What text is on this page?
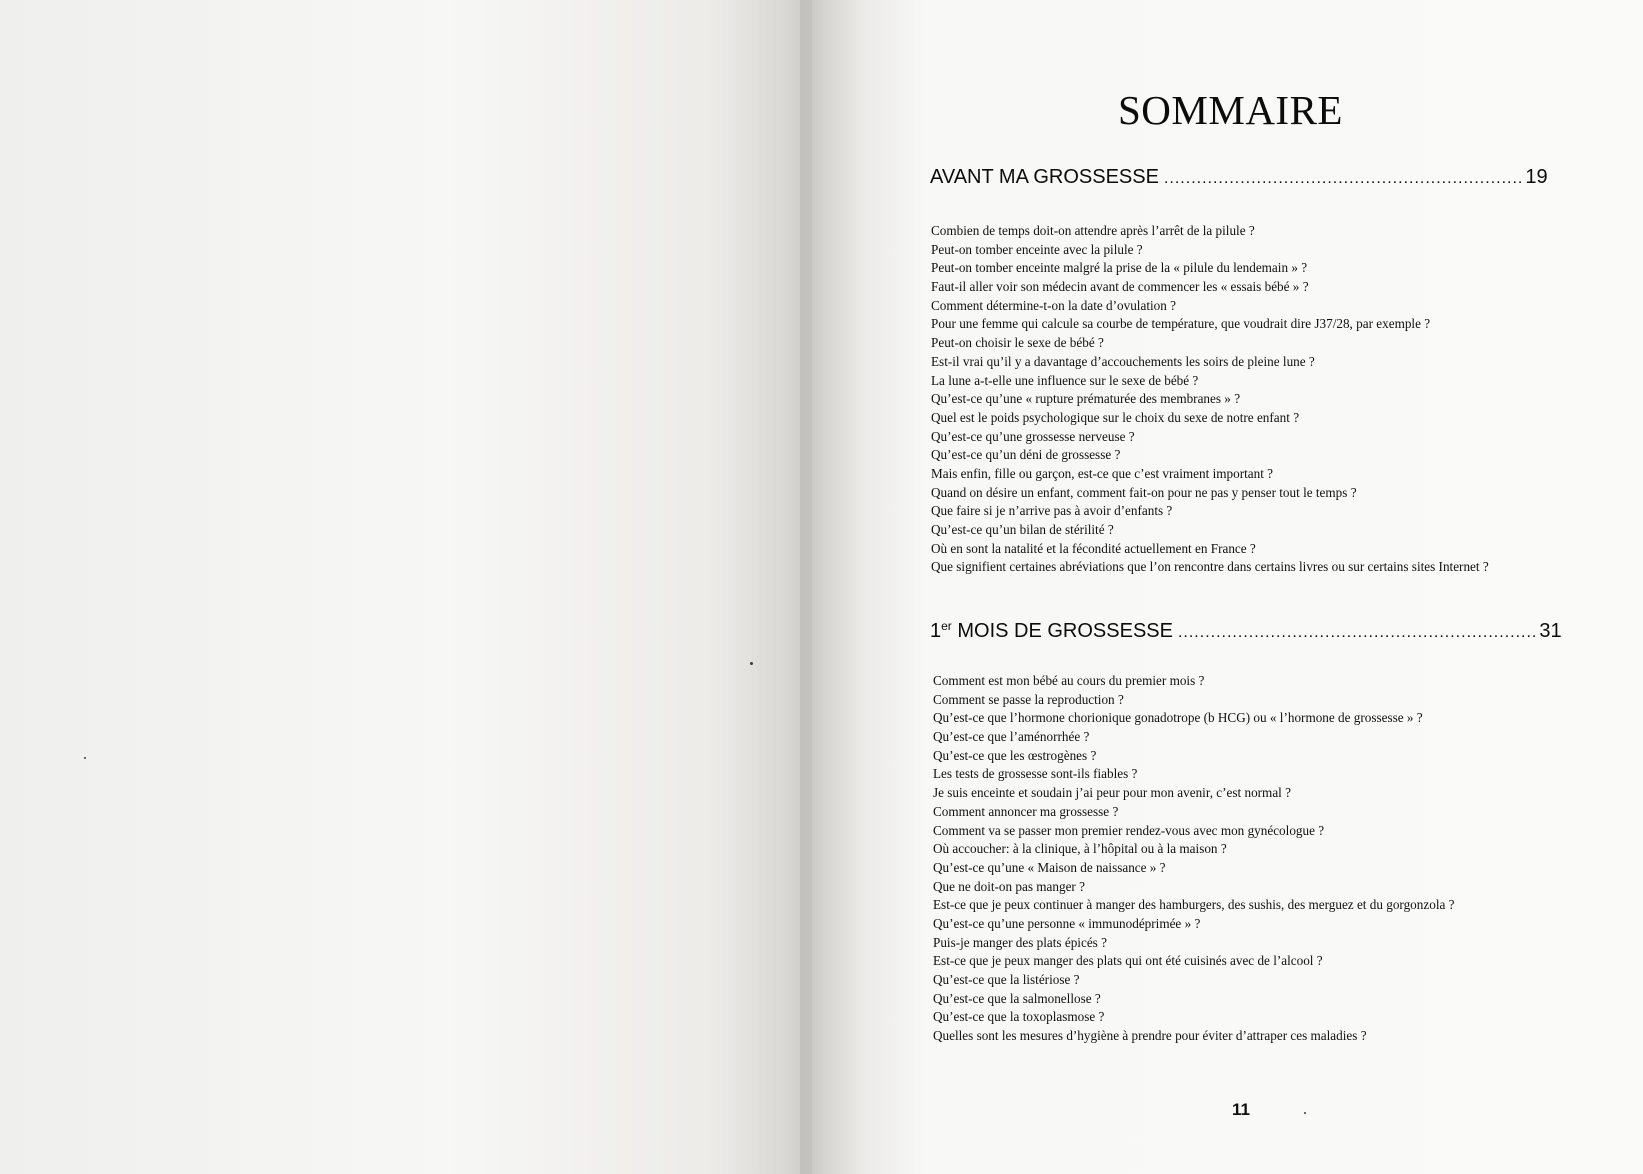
SOMMAIRE
AVANT MA GROSSESSE .................................................................. 19
Combien de temps doit-on attendre après l’arrêt de la pilule ?
Peut-on tomber enceinte avec la pilule ?
Peut-on tomber enceinte malgré la prise de la « pilule du lendemain » ?
Faut-il aller voir son médecin avant de commencer les « essais bébé » ?
Comment détermine-t-on la date d’ovulation ?
Pour une femme qui calcule sa courbe de température, que voudrait dire J37/28, par exemple ?
Peut-on choisir le sexe de bébé ?
Est-il vrai qu’il y a davantage d’accouchements les soirs de pleine lune ?
La lune a-t-elle une influence sur le sexe de bébé ?
Qu’est-ce qu’une « rupture prématurée des membranes » ?
Quel est le poids psychologique sur le choix du sexe de notre enfant ?
Qu’est-ce qu’une grossesse nerveuse ?
Qu’est-ce qu’un déni de grossesse ?
Mais enfin, fille ou garçon, est-ce que c’est vraiment important ?
Quand on désire un enfant, comment fait-on pour ne pas y penser tout le temps ?
Que faire si je n’arrive pas à avoir d’enfants ?
Qu’est-ce qu’un bilan de stérilité ?
Où en sont la natalité et la fécondité actuellement en France ?
Que signifient certaines abréviations que l’on rencontre dans certains livres ou sur certains sites Internet ?
1er MOIS DE GROSSESSE .................................................................. 31
Comment est mon bébé au cours du premier mois ?
Comment se passe la reproduction ?
Qu’est-ce que l’hormone chorionique gonadotrope (b HCG) ou « l’hormone de grossesse » ?
Qu’est-ce que l’aménorrhée ?
Qu’est-ce que les œstrogènes ?
Les tests de grossesse sont-ils fiables ?
Je suis enceinte et soudain j’ai peur pour mon avenir, c’est normal ?
Comment annoncer ma grossesse ?
Comment va se passer mon premier rendez-vous avec mon gynécologue ?
Où accoucher: à la clinique, à l’hôpital ou à la maison ?
Qu’est-ce qu’une « Maison de naissance » ?
Que ne doit-on pas manger ?
Est-ce que je peux continuer à manger des hamburgers, des sushis, des merguez et du gorgonzola ?
Qu’est-ce qu’une personne « immunodéprimée » ?
Puis-je manger des plats épicés ?
Est-ce que je peux manger des plats qui ont été cuisinés avec de l’alcool ?
Qu’est-ce que la listériose ?
Qu’est-ce que la salmonellose ?
Qu’est-ce que la toxoplasmose ?
Quelles sont les mesures d’hygiène à prendre pour éviter d’attraper ces maladies ?
11
